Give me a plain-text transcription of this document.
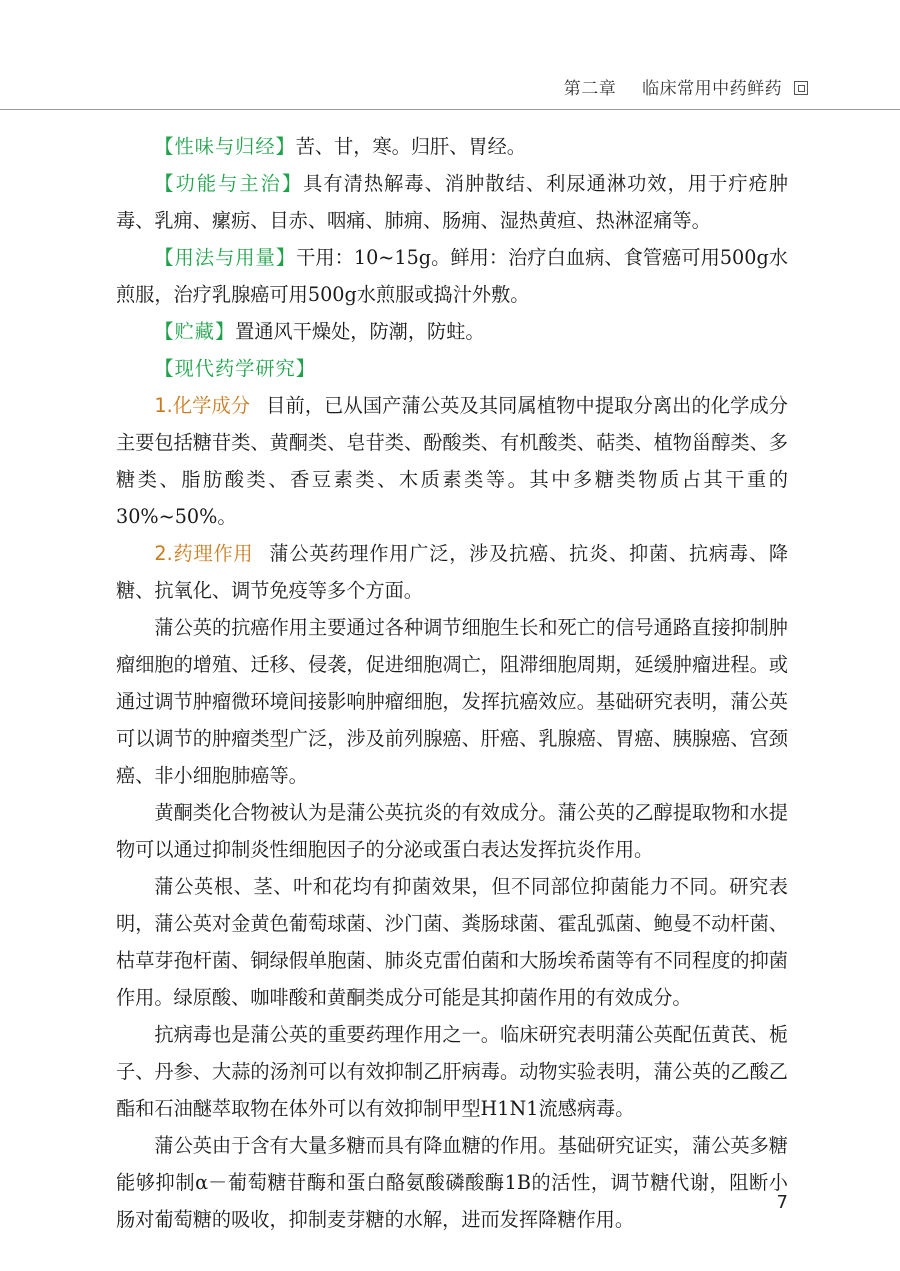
第二章 临床常用中药鲜药

【性味与归经】苦、甘，寒。归肝、胃经。

【功能与主治】具有清热解毒、消肿散结、利尿通淋功效，用于疔疮肿毒、乳痈、瘰疬、目赤、咽痛、肺痈、肠痈、湿热黄疸、热淋涩痛等。

【用法与用量】干用：10~15g。鲜用：治疗白血病、食管癌可用500g水煎服，治疗乳腺癌可用500g水煎服或捣汁外敷。

【贮藏】置通风干燥处，防潮，防蛀。

【现代药学研究】

1.化学成分 目前，已从国产蒲公英及其同属植物中提取分离出的化学成分主要包括糖苷类、黄酮类、皂苷类、酚酸类、有机酸类、萜类、植物甾醇类、多糖类、脂肪酸类、香豆素类、木质素类等。其中多糖类物质占其干重的30%~50%。

2.药理作用 蒲公英药理作用广泛，涉及抗癌、抗炎、抑菌、抗病毒、降糖、抗氧化、调节免疫等多个方面。

蒲公英的抗癌作用主要通过各种调节细胞生长和死亡的信号通路直接抑制肿瘤细胞的增殖、迁移、侵袭，促进细胞凋亡，阻滞细胞周期，延缓肿瘤进程。或通过调节肿瘤微环境间接影响肿瘤细胞，发挥抗癌效应。基础研究表明，蒲公英可以调节的肿瘤类型广泛，涉及前列腺癌、肝癌、乳腺癌、胃癌、胰腺癌、宫颈癌、非小细胞肺癌等。

黄酮类化合物被认为是蒲公英抗炎的有效成分。蒲公英的乙醇提取物和水提物可以通过抑制炎性细胞因子的分泌或蛋白表达发挥抗炎作用。

蒲公英根、茎、叶和花均有抑菌效果，但不同部位抑菌能力不同。研究表明，蒲公英对金黄色葡萄球菌、沙门菌、粪肠球菌、霍乱弧菌、鲍曼不动杆菌、枯草芽孢杆菌、铜绿假单胞菌、肺炎克雷伯菌和大肠埃希菌等有不同程度的抑菌作用。绿原酸、咖啡酸和黄酮类成分可能是其抑菌作用的有效成分。

抗病毒也是蒲公英的重要药理作用之一。临床研究表明蒲公英配伍黄芪、栀子、丹参、大蒜的汤剂可以有效抑制乙肝病毒。动物实验表明，蒲公英的乙酸乙酯和石油醚萃取物在体外可以有效抑制甲型H1N1流感病毒。

蒲公英由于含有大量多糖而具有降血糖的作用。基础研究证实，蒲公英多糖能够抑制α－葡萄糖苷酶和蛋白酪氨酸磷酸酶1B的活性，调节糖代谢，阻断小肠对葡萄糖的吸收，抑制麦芽糖的水解，进而发挥降糖作用。

7
